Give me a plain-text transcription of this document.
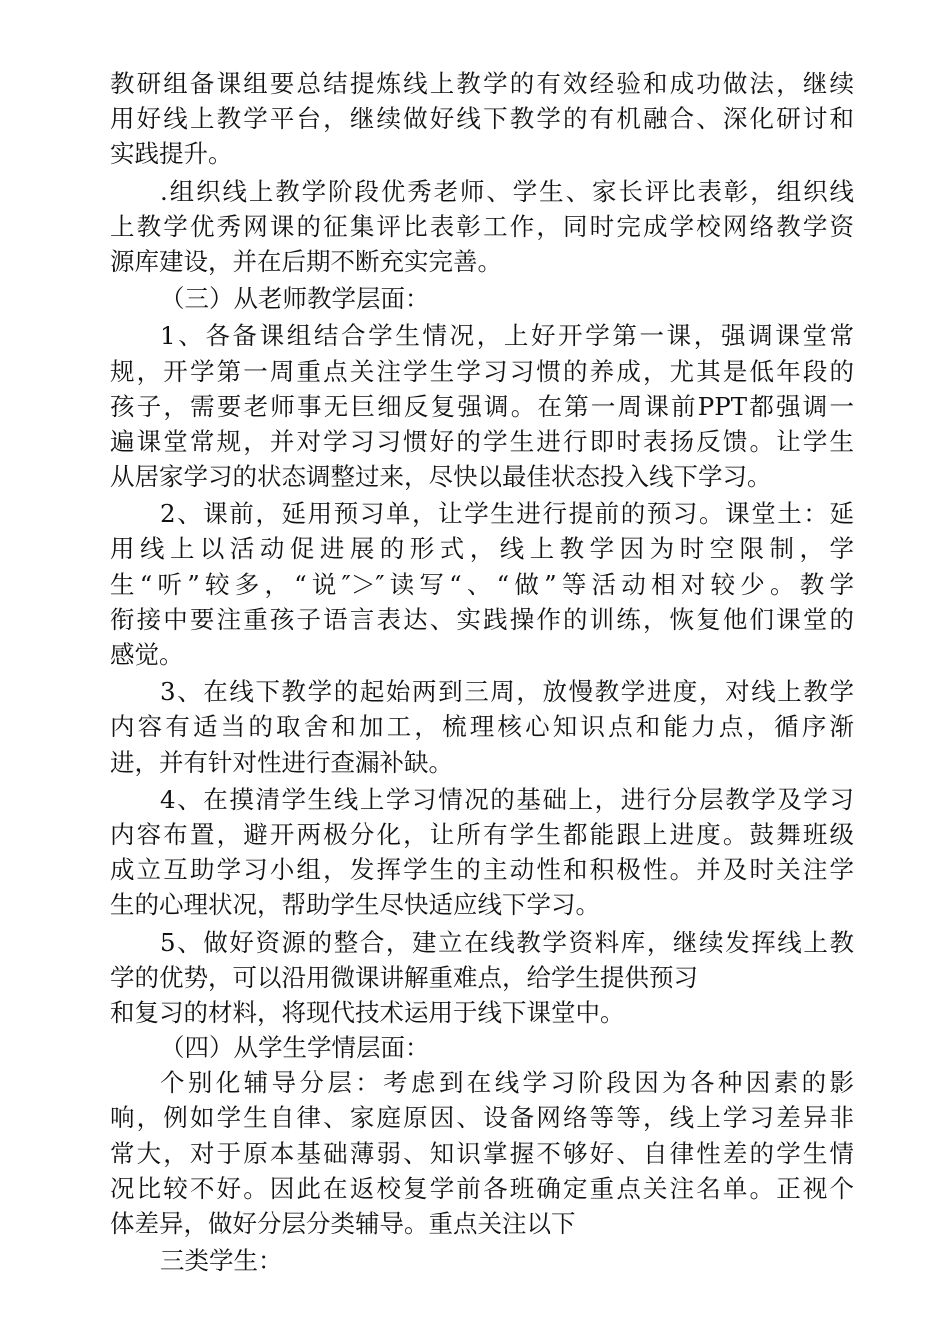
教研组备课组要总结提炼线上教学的有效经验和成功做法，继续
用好线上教学平台，继续做好线下教学的有机融合、深化研讨和
实践提升。
.组织线上教学阶段优秀老师、学生、家长评比表彰，组织线
上教学优秀网课的征集评比表彰工作，同时完成学校网络教学资
源库建设，并在后期不断充实完善。
（三）从老师教学层面：
1、各备课组结合学生情况，上好开学第一课，强调课堂常
规，开学第一周重点关注学生学习习惯的养成，尤其是低年段的
孩子，需要老师事无巨细反复强调。在第一周课前PPT都强调一
遍课堂常规，并对学习习惯好的学生进行即时表扬反馈。让学生
从居家学习的状态调整过来，尽快以最佳状态投入线下学习。
2、课前，延用预习单，让学生进行提前的预习。课堂土：延
用线上以活动促进展的形式，线上教学因为时空限制，学
生“听”较多，“说″＞″读写“、“做”等活动相对较少。教学
衔接中要注重孩子语言表达、实践操作的训练，恢复他们课堂的
感觉。
3、在线下教学的起始两到三周，放慢教学进度，对线上教学
内容有适当的取舍和加工，梳理核心知识点和能力点，循序渐
进，并有针对性进行查漏补缺。
4、在摸清学生线上学习情况的基础上，进行分层教学及学习
内容布置，避开两极分化，让所有学生都能跟上进度。鼓舞班级
成立互助学习小组，发挥学生的主动性和积极性。并及时关注学
生的心理状况，帮助学生尽快适应线下学习。
5、做好资源的整合，建立在线教学资料库，继续发挥线上教
学的优势，可以沿用微课讲解重难点，给学生提供预习
和复习的材料，将现代技术运用于线下课堂中。
（四）从学生学情层面：
个别化辅导分层：考虑到在线学习阶段因为各种因素的影
响，例如学生自律、家庭原因、设备网络等等，线上学习差异非
常大，对于原本基础薄弱、知识掌握不够好、自律性差的学生情
况比较不好。因此在返校复学前各班确定重点关注名单。正视个
体差异，做好分层分类辅导。重点关注以下
三类学生：
